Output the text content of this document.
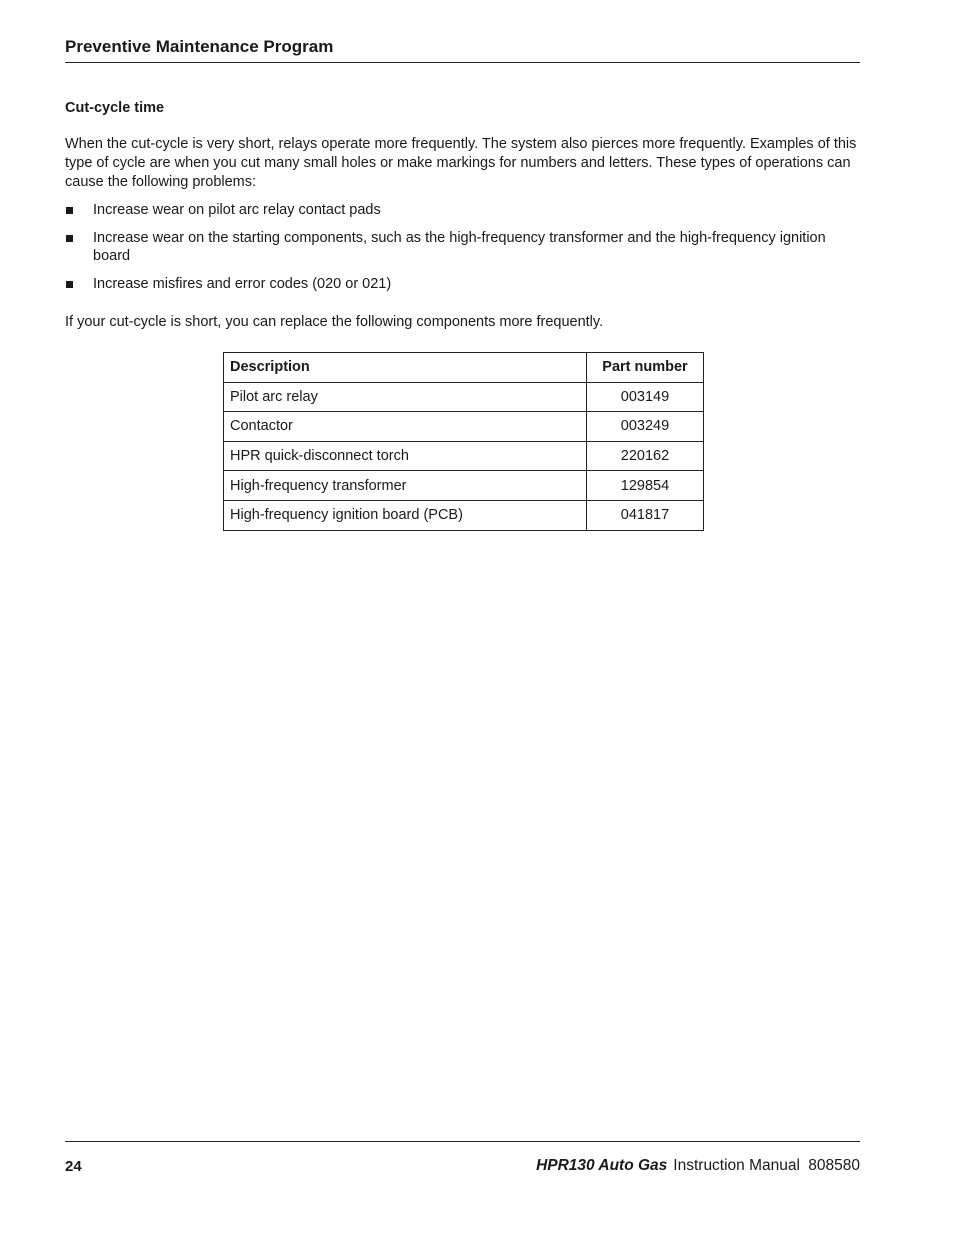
Preventive Maintenance Program
Cut-cycle time
When the cut-cycle is very short, relays operate more frequently. The system also pierces more frequently. Examples of this type of cycle are when you cut many small holes or make markings for numbers and letters. These types of operations can cause the following problems:
Increase wear on pilot arc relay contact pads
Increase wear on the starting components, such as the high-frequency transformer and the high-frequency ignition board
Increase misfires and error codes (020 or 021)
If your cut-cycle is short, you can replace the following components more frequently.
Description	Part number
Pilot arc relay	003149
Contactor	003249
HPR quick-disconnect torch	220162
High-frequency transformer	129854
High-frequency ignition board (PCB)	041817
24	HPR130 Auto Gas Instruction Manual 808580
